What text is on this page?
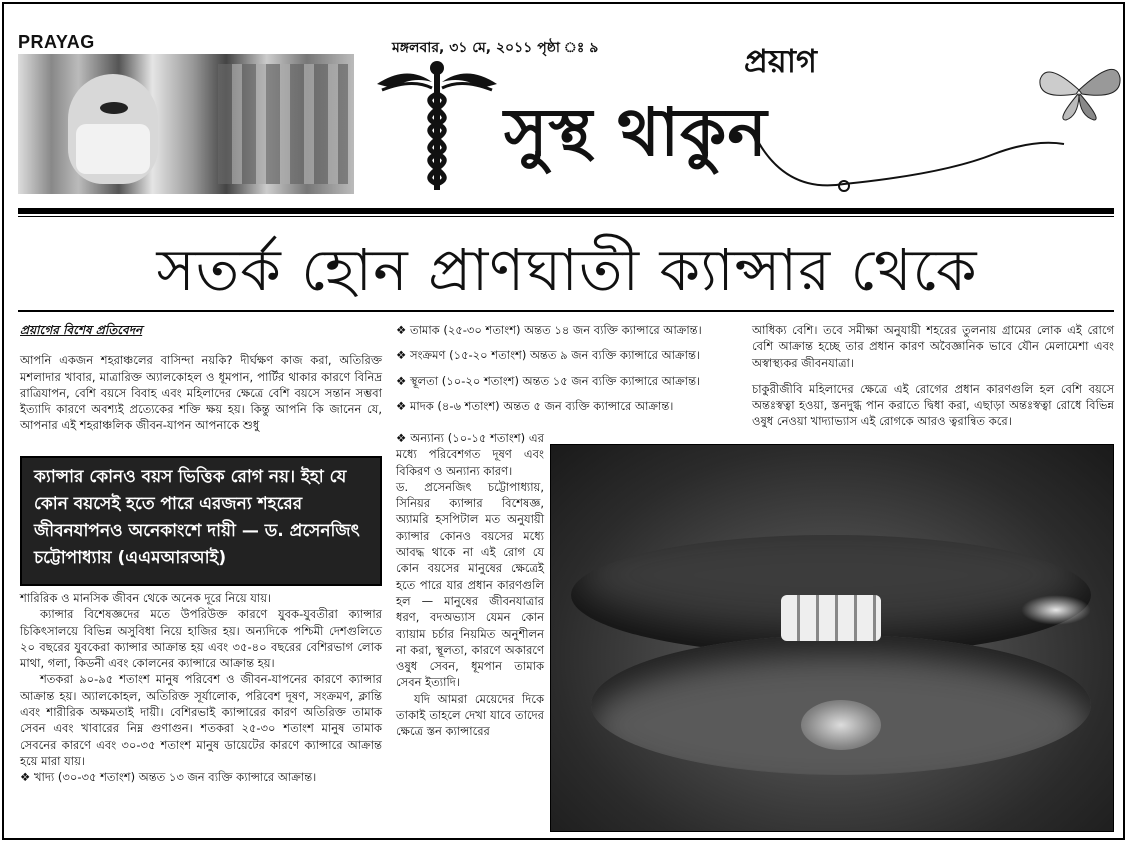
PRAYAG	মঙ্গলবার, ৩১ মে, ২০১১ পৃষ্ঠা ঃ ৯	প্রয়াগ
সুস্থ থাকুন
সতর্ক হোন প্রাণঘাতী ক্যান্সার থেকে
প্রয়াগের বিশেষ প্রতিবেদন

আপনি একজন শহরাঞ্চলের বাসিন্দা নয়কি? দীর্ঘক্ষণ কাজ করা, অতিরিক্ত মশলাদার খাবার, মাত্রারিক্ত অ্যালকোহল ও ধূমপান, পার্টির থাকার কারণে বিনিদ্র রাত্রিযাপন, বেশি বয়সে বিবাহ এবং মহিলাদের ক্ষেত্রে বেশি বয়সে সন্তান সম্ভবা ইত্যাদি কারণে অবশ্যই প্রত্যেকের শক্তি ক্ষয় হয়। কিন্তু আপনি কি জানেন যে, আপনার এই শহরাঞ্চলিক জীবন-যাপন আপনাকে শুধু

ক্যান্সার কোনও বয়স ভিত্তিক রোগ নয়। ইহা যে কোন বয়সেই হতে পারে এরজন্য শহরের জীবনযাপনও অনেকাংশে দায়ী — ড. প্রসেনজিৎ চট্টোপাধ্যায় (এএমআরআই)

শারিরিক ও মানসিক জীবন থেকে অনেক দূরে নিয়ে যায়।

ক্যান্সার বিশেষজ্ঞদের মতে উপরিউক্ত কারণে যুবক-যুবতীরা ক্যান্সার চিকিৎসালয়ে বিভিন্ন অসুবিধা নিয়ে হাজির হয়। অন্যদিকে পশ্চিমী দেশগুলিতে ২০ বছরের যুবকেরা ক্যান্সার আক্রান্ত হয় এবং ৩৫-৪০ বছরের বেশিরভাগ লোক মাথা, গলা, কিডনী এবং কোলনের ক্যান্সারে আক্রান্ত হয়।

শতকরা ৯০-৯৫ শতাংশ মানুষ পরিবেশ ও জীবন-যাপনের কারণে ক্যান্সার আক্রান্ত হয়। অ্যালকোহল, অতিরিক্ত সূর্যালোক, পরিবেশ দূষণ, সংক্রমণ, ক্লান্তি এবং শারীরিক অক্ষমতাই দায়ী। বেশিরভাই ক্যান্সারের কারণ অতিরিক্ত তামাক সেবন এবং খাবারের নিম্ন গুণাগুন। শতকরা ২৫-৩০ শতাংশ মানুষ তামাক সেবনের কারণে এবং ৩০-৩৫ শতাংশ মানুষ ডায়েটের কারণে ক্যান্সারে আক্রান্ত হয়ে মারা যায়।

❖ খাদ্য (৩০-৩৫ শতাংশ) অন্তত ১৩ জন ব্যক্তি ক্যান্সারে আক্রান্ত।
❖ তামাক (২৫-৩০ শতাংশ) অন্তত ১৪ জন ব্যক্তি ক্যান্সারে আক্রান্ত।
❖ সংক্রমণ (১৫-২০ শতাংশ) অন্তত ৯ জন ব্যক্তি ক্যান্সারে আক্রান্ত।
❖ স্থূলতা (১০-২০ শতাংশ) অন্তত ১৫ জন ব্যক্তি ক্যান্সারে আক্রান্ত।
❖ মাদক (৪-৬ শতাংশ) অন্তত ৫ জন ব্যক্তি ক্যান্সারে আক্রান্ত।
❖ অন্যান্য (১০-১৫ শতাংশ) এর মধ্যে পরিবেশগত দূষণ এবং বিকিরণ ও অন্যান্য কারণ।

ড. প্রসেনজিৎ চট্টোপাধ্যায়, সিনিয়র ক্যান্সার বিশেষজ্ঞ, অ্যামরি হসপিটাল মত অনুযায়ী ক্যান্সার কোনও বয়সের মধ্যে আবদ্ধ থাকে না এই রোগ যে কোন বয়সের মানুষের ক্ষেত্রেই হতে পারে যার প্রধান কারণগুলি হল — মানুষের জীবনযাত্রার ধরণ, বদঅভ্যাস যেমন কোন ব্যায়াম চর্চার নিয়মিত অনুশীলন না করা, স্থূলতা, কারণে অকারণে ওষুধ সেবন, ধূমপান তামাক সেবন ইত্যাদি।

যদি আমরা মেয়েদের দিকে তাকাই তাহলে দেখা যাবে তাদের ক্ষেত্রে স্তন ক্যান্সারের

আধিক্য বেশি। তবে সমীক্ষা অনুযায়ী শহরের তুলনায় গ্রামের লোক এই রোগে বেশি আক্রান্ত হচ্ছে তার প্রধান কারণ অবৈজ্ঞানিক ভাবে যৌন মেলামেশা এবং অস্বাস্থ্যকর জীবনযাত্রা।

চাকুরীজীবি মহিলাদের ক্ষেত্রে এই রোগের প্রধান কারণগুলি হল বেশি বয়সে অন্তঃস্বত্বা হওয়া, স্তনদুগ্ধ পান করাতে দ্বিধা করা, এছাড়া অন্তঃস্বত্বা রোধে বিভিন্ন ওষুধ নেওয়া খাদ্যাভ্যাস এই রোগকে আরও ত্বরান্বিত করে।
